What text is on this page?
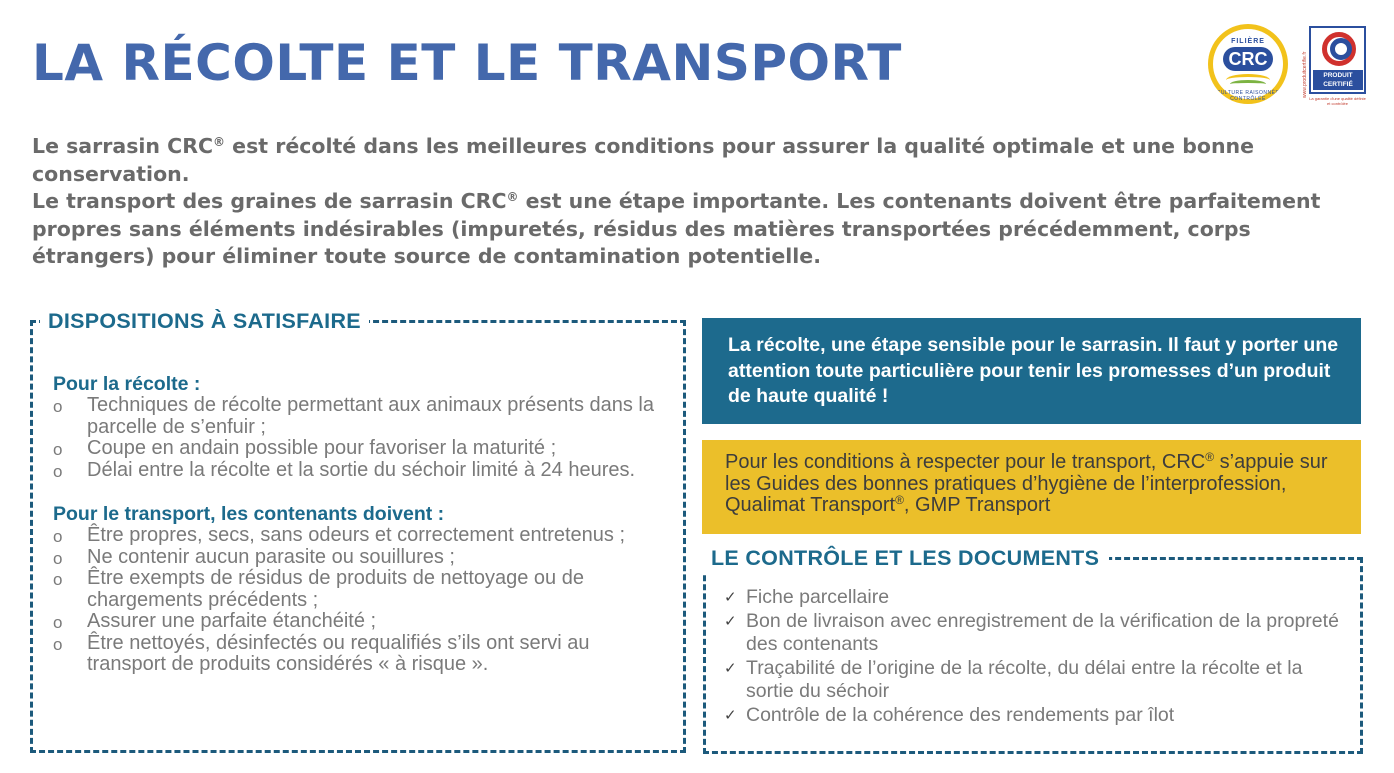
LA RÉCOLTE ET LE TRANSPORT	FILIÈRE
CRC
CULTURE RAISONNÉE CONTRÔLÉE
www.produitcertifie.fr	PRODUIT CERTIFIÉ
La garantie d'une qualité définie et contrôlée

Le sarrasin CRC® est récolté dans les meilleures conditions pour assurer la qualité optimale et une bonne conservation.

Le transport des graines de sarrasin CRC® est une étape importante. Les contenants doivent être parfaitement propres sans éléments indésirables (impuretés, résidus des matières transportées précédemment, corps étrangers) pour éliminer toute source de contamination potentielle.

DISPOSITIONS À SATISFAIRE
Pour la récolte :
o Techniques de récolte permettant aux animaux présents dans la parcelle de s’enfuir ;
o Coupe en andain possible pour favoriser la maturité ;
o Délai entre la récolte et la sortie du séchoir limité à 24 heures.
Pour le transport, les contenants doivent :
o Être propres, secs, sans odeurs et correctement entretenus ;
o Ne contenir aucun parasite ou souillures ;
o Être exempts de résidus de produits de nettoyage ou de chargements précédents ;
o Assurer une parfaite étanchéité ;
o Être nettoyés, désinfectés ou requalifiés s’ils ont servi au transport de produits considérés « à risque ».
La récolte, une étape sensible pour le sarrasin. Il faut y porter une attention toute particulière pour tenir les promesses d’un produit de haute qualité !
Pour les conditions à respecter pour le transport, CRC® s’appuie sur les Guides des bonnes pratiques d’hygiène de l’interprofession, Qualimat Transport®, GMP Transport
LE CONTRÔLE ET LES DOCUMENTS
✓ Fiche parcellaire
✓ Bon de livraison avec enregistrement de la vérification de la propreté des contenants
✓ Traçabilité de l’origine de la récolte, du délai entre la récolte et la sortie du séchoir
✓ Contrôle de la cohérence des rendements par îlot
